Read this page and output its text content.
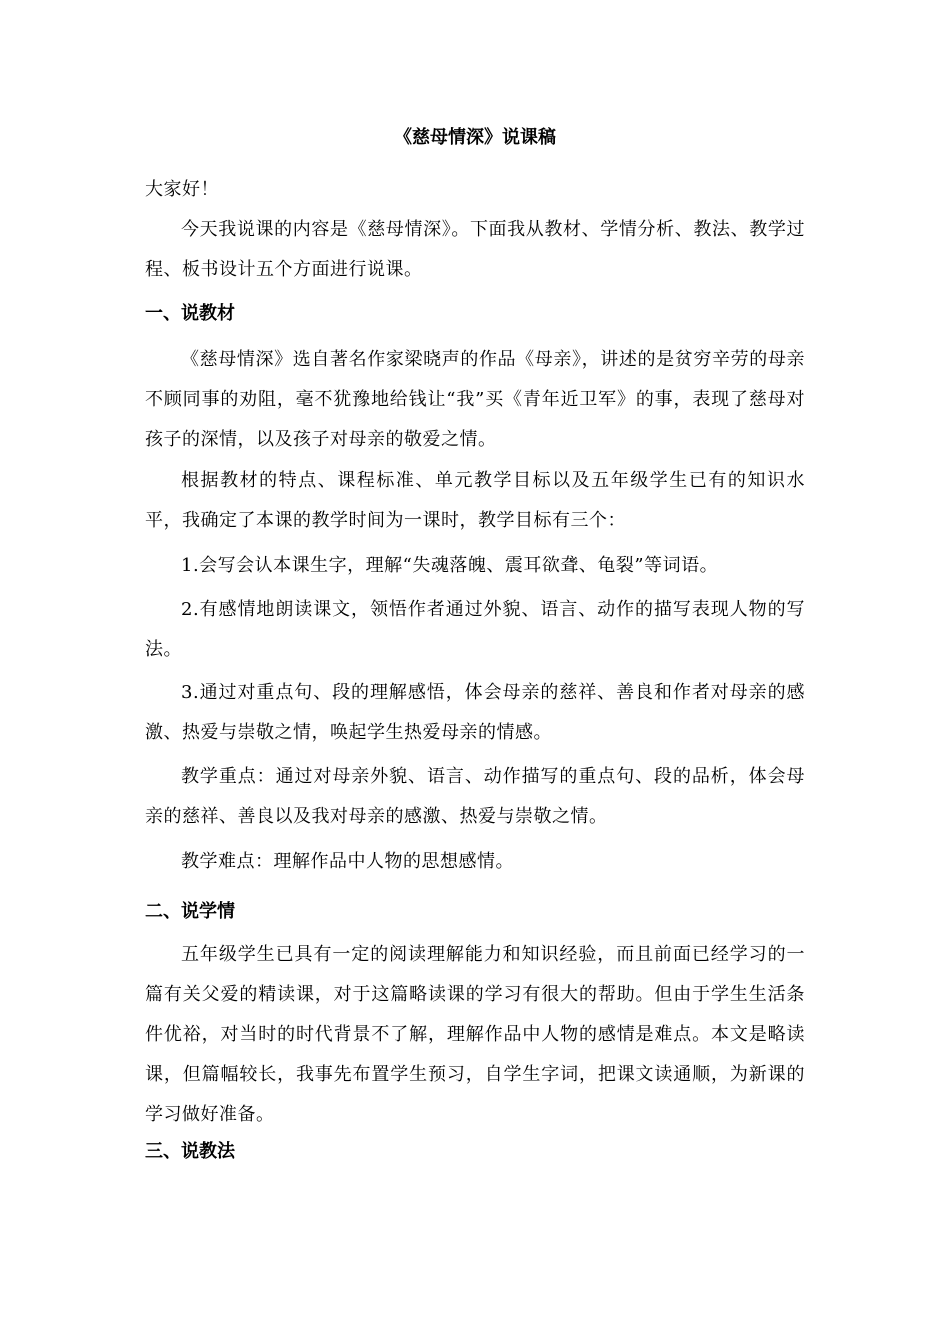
《慈母情深》说课稿
大家好！
今天我说课的内容是《慈母情深》。下面我从教材、学情分析、教法、教学过程、板书设计五个方面进行说课。
一、说教材
《慈母情深》选自著名作家梁晓声的作品《母亲》，讲述的是贫穷辛劳的母亲不顾同事的劝阻，毫不犹豫地给钱让“我”买《青年近卫军》的事，表现了慈母对孩子的深情，以及孩子对母亲的敬爱之情。
根据教材的特点、课程标准、单元教学目标以及五年级学生已有的知识水平，我确定了本课的教学时间为一课时，教学目标有三个：
1.会写会认本课生字，理解“失魂落魄、震耳欲聋、龟裂”等词语。
2.有感情地朗读课文，领悟作者通过外貌、语言、动作的描写表现人物的写法。
3.通过对重点句、段的理解感悟，体会母亲的慈祥、善良和作者对母亲的感激、热爱与崇敬之情，唤起学生热爱母亲的情感。
教学重点：通过对母亲外貌、语言、动作描写的重点句、段的品析，体会母亲的慈祥、善良以及我对母亲的感激、热爱与崇敬之情。
教学难点：理解作品中人物的思想感情。
二、说学情
五年级学生已具有一定的阅读理解能力和知识经验，而且前面已经学习的一篇有关父爱的精读课，对于这篇略读课的学习有很大的帮助。但由于学生生活条件优裕，对当时的时代背景不了解，理解作品中人物的感情是难点。本文是略读课，但篇幅较长，我事先布置学生预习，自学生字词，把课文读通顺，为新课的学习做好准备。
三、说教法
